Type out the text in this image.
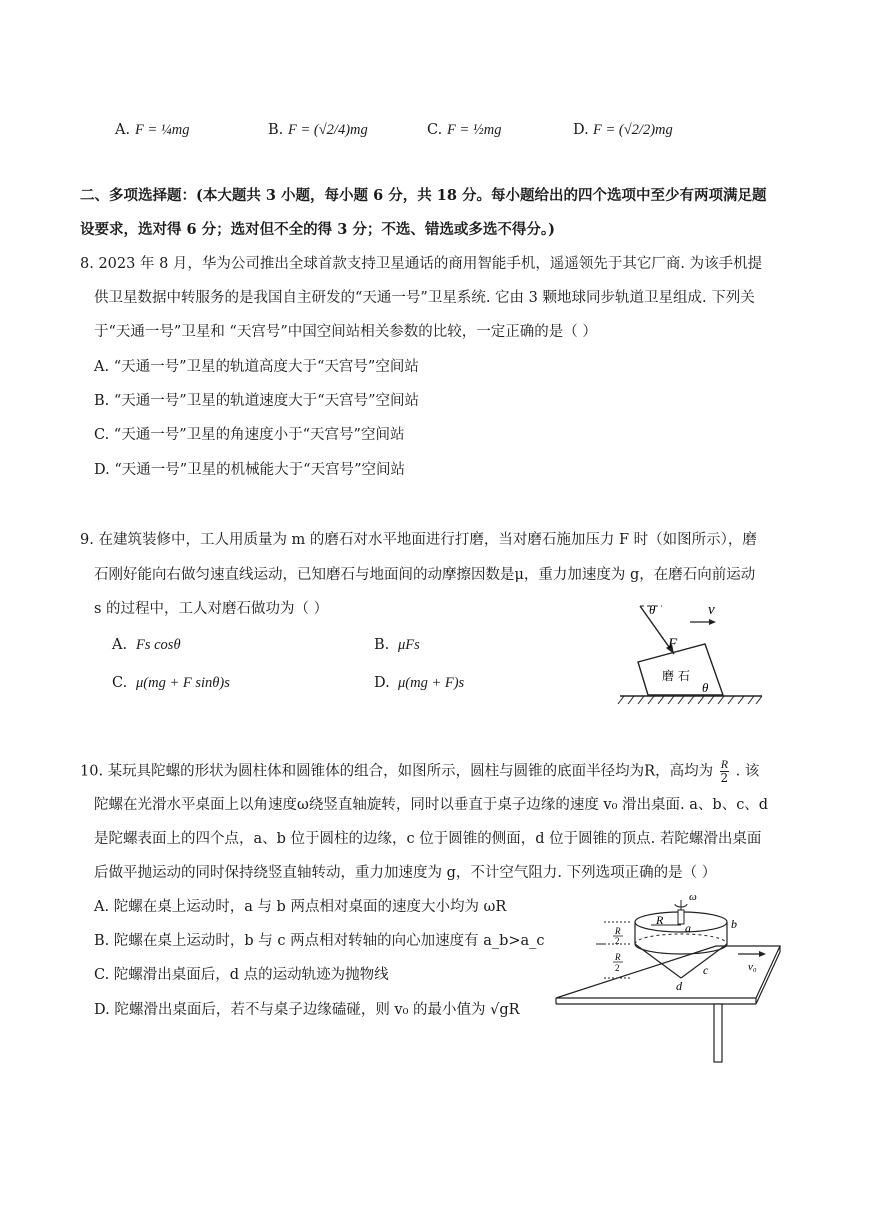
A. F = ¼mg	B. F = (√2/4)mg	C. F = ½mg	D. F = (√2/2)mg
二、多项选择题：(本大题共 3 小题，每小题 6 分，共 18 分。每小题给出的四个选项中至少有两项满足题
设要求，选对得 6 分；选对但不全的得 3 分；不选、错选或多选不得分。)
8. 2023 年 8 月，华为公司推出全球首款支持卫星通话的商用智能手机，遥遥领先于其它厂商. 为该手机提
供卫星数据中转服务的是我国自主研发的“天通一号”卫星系统. 它由 3 颗地球同步轨道卫星组成. 下列关
于“天通一号”卫星和 “天宫号”中国空间站相关参数的比较，一定正确的是（ ）
A. “天通一号”卫星的轨道高度大于“天宫号”空间站
B. “天通一号”卫星的轨道速度大于“天宫号”空间站
C. “天通一号”卫星的角速度小于“天宫号”空间站
D. “天通一号”卫星的机械能大于“天宫号”空间站
9. 在建筑装修中，工人用质量为 m 的磨石对水平地面进行打磨，当对磨石施加压力 F 时（如图所示），磨
石刚好能向右做匀速直线运动，已知磨石与地面间的动摩擦因数是μ，重力加速度为 g，在磨石向前运动
s 的过程中，工人对磨石做功为（ ）
A. Fs cosθ	B. μFs
C. μ(mg + F sinθ)s	D. μ(mg + F)s
θ	v
F
磨 石
θ
10. 某玩具陀螺的形状为圆柱体和圆锥体的组合，如图所示，圆柱与圆锥的底面半径均为R，高均为 $\frac{R}{2}$ . 该
陀螺在光滑水平桌面上以角速度ω绕竖直轴旋转，同时以垂直于桌子边缘的速度 v₀ 滑出桌面. a、b、c、d
是陀螺表面上的四个点，a、b 位于圆柱的边缘，c 位于圆锥的侧面，d 位于圆锥的顶点. 若陀螺滑出桌面
后做平抛运动的同时保持绕竖直轴转动，重力加速度为 g，不计空气阻力. 下列选项正确的是（ ）
A. 陀螺在桌上运动时，a 与 b 两点相对桌面的速度大小均为 ωR
B. 陀螺在桌上运动时，b 与 c 两点相对转轴的向心加速度有 a_b>a_c
C. 陀螺滑出桌面后，d 点的运动轨迹为抛物线
D. 陀螺滑出桌面后，若不与桌子边缘磕碰，则 v₀ 的最小值为 √gR
ω
R
a	b
c
d
v₀
R
2
R
2
